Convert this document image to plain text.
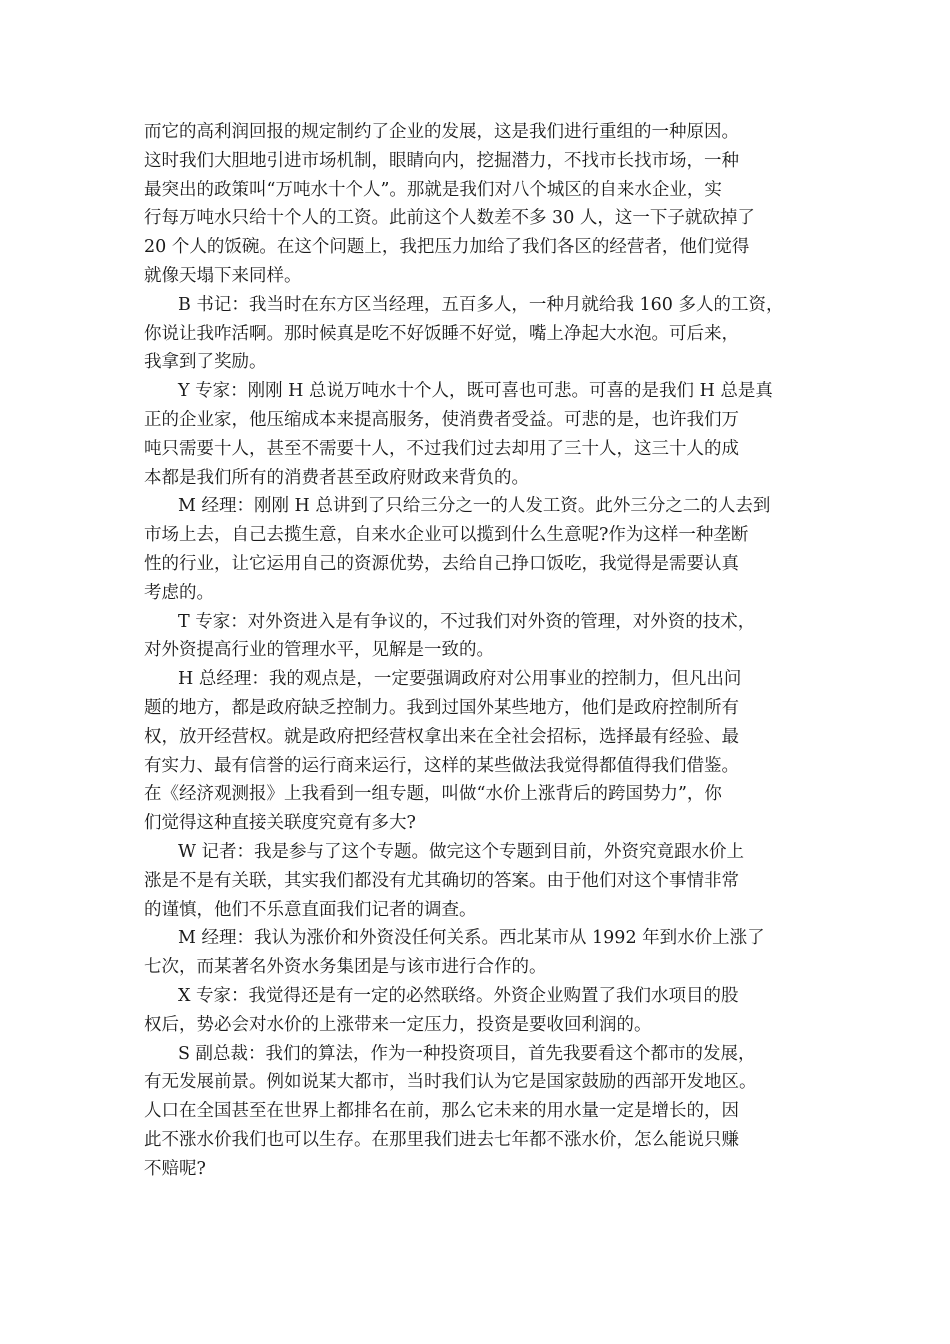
而它的高利润回报的规定制约了企业的发展，这是我们进行重组的一种原因。
这时我们大胆地引进市场机制，眼睛向内，挖掘潜力，不找市长找市场，一种
最突出的政策叫“万吨水十个人”。那就是我们对八个城区的自来水企业，实
行每万吨水只给十个人的工资。此前这个人数差不多 30 人，这一下子就砍掉了
20 个人的饭碗。在这个问题上，我把压力加给了我们各区的经营者，他们觉得
就像天塌下来同样。
B 书记：我当时在东方区当经理，五百多人，一种月就给我 160 多人的工资，
你说让我咋活啊。那时候真是吃不好饭睡不好觉，嘴上净起大水泡。可后来，
我拿到了奖励。
Y 专家：刚刚 H 总说万吨水十个人，既可喜也可悲。可喜的是我们 H 总是真
正的企业家，他压缩成本来提高服务，使消费者受益。可悲的是，也许我们万
吨只需要十人，甚至不需要十人，不过我们过去却用了三十人，这三十人的成
本都是我们所有的消费者甚至政府财政来背负的。
M 经理：刚刚 H 总讲到了只给三分之一的人发工资。此外三分之二的人去到
市场上去，自己去揽生意，自来水企业可以揽到什么生意呢?作为这样一种垄断
性的行业，让它运用自己的资源优势，去给自己挣口饭吃，我觉得是需要认真
考虑的。
T 专家：对外资进入是有争议的，不过我们对外资的管理，对外资的技术，
对外资提高行业的管理水平，见解是一致的。
H 总经理：我的观点是，一定要强调政府对公用事业的控制力，但凡出问
题的地方，都是政府缺乏控制力。我到过国外某些地方，他们是政府控制所有
权，放开经营权。就是政府把经营权拿出来在全社会招标，选择最有经验、最
有实力、最有信誉的运行商来运行，这样的某些做法我觉得都值得我们借鉴。
在《经济观测报》上我看到一组专题，叫做“水价上涨背后的跨国势力”，你
们觉得这种直接关联度究竟有多大?
W 记者：我是参与了这个专题。做完这个专题到目前，外资究竟跟水价上
涨是不是有关联，其实我们都没有尤其确切的答案。由于他们对这个事情非常
的谨慎，他们不乐意直面我们记者的调查。
M 经理：我认为涨价和外资没任何关系。西北某市从 1992 年到水价上涨了
七次，而某著名外资水务集团是与该市进行合作的。
X 专家：我觉得还是有一定的必然联络。外资企业购置了我们水项目的股
权后，势必会对水价的上涨带来一定压力，投资是要收回利润的。
S 副总裁：我们的算法，作为一种投资项目，首先我要看这个都市的发展，
有无发展前景。例如说某大都市，当时我们认为它是国家鼓励的西部开发地区。
人口在全国甚至在世界上都排名在前，那么它未来的用水量一定是增长的，因
此不涨水价我们也可以生存。在那里我们进去七年都不涨水价，怎么能说只赚
不赔呢?
